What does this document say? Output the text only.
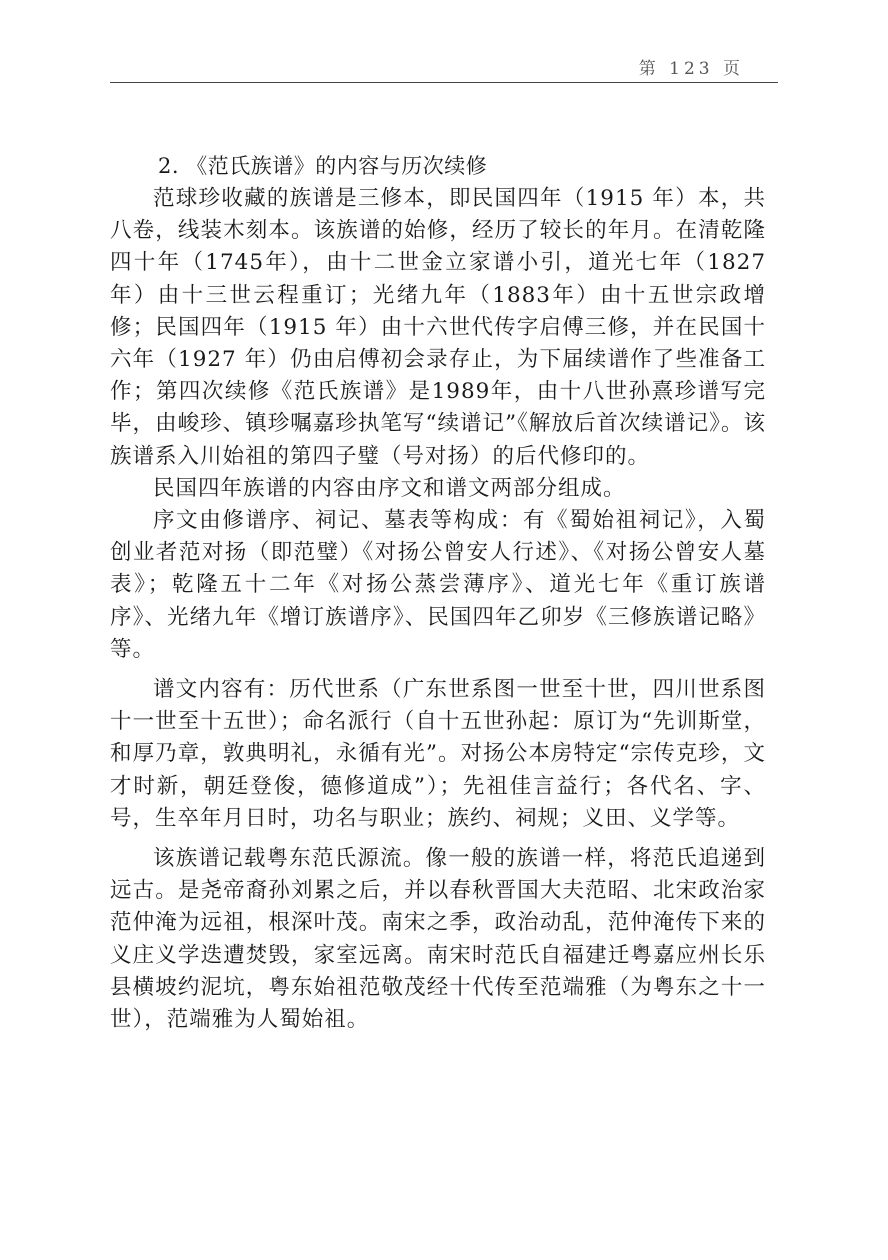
第 123 页
2. 《范氏族谱》的内容与历次续修

范球珍收藏的族谱是三修本，即民国四年（1915 年）本，共八卷，线装木刻本。该族谱的始修，经历了较长的年月。在清乾隆四十年（1745年），由十二世金立家谱小引，道光七年（1827年）由十三世云程重订；光绪九年（1883年）由十五世宗政增修；民国四年（1915 年）由十六世代传字启傅三修，并在民国十六年（1927 年）仍由启傅初会录存止，为下届续谱作了些准备工作；第四次续修《范氏族谱》是1989年，由十八世孙熹珍谱写完毕，由峻珍、镇珍嘱嘉珍执笔写“续谱记”《解放后首次续谱记》。该族谱系入川始祖的第四子璧（号对扬）的后代修印的。

民国四年族谱的内容由序文和谱文两部分组成。

序文由修谱序、祠记、墓表等构成：有《蜀始祖祠记》，入蜀创业者范对扬（即范璧）《对扬公曾安人行述》、《对扬公曾安人墓表》；乾隆五十二年《对扬公蒸尝薄序》、道光七年《重订族谱序》、光绪九年《增订族谱序》、民国四年乙卯岁《三修族谱记略》等。

谱文内容有：历代世系（广东世系图一世至十世，四川世系图十一世至十五世）；命名派行（自十五世孙起：原订为“先训斯堂，和厚乃章，敦典明礼，永循有光”。对扬公本房特定“宗传克珍，文才时新，朝廷登俊，德修道成”）；先祖佳言益行；各代名、字、号，生卒年月日时，功名与职业；族约、祠规；义田、义学等。

该族谱记载粤东范氏源流。像一般的族谱一样，将范氏追递到远古。是尧帝裔孙刘累之后，并以春秋晋国大夫范昭、北宋政治家范仲淹为远祖，根深叶茂。南宋之季，政治动乱，范仲淹传下来的义庄义学迭遭焚毁，家室远离。南宋时范氏自福建迁粤嘉应州长乐县横坡约泥坑，粤东始祖范敬茂经十代传至范端雅（为粤东之十一世），范端雅为人蜀始祖。
